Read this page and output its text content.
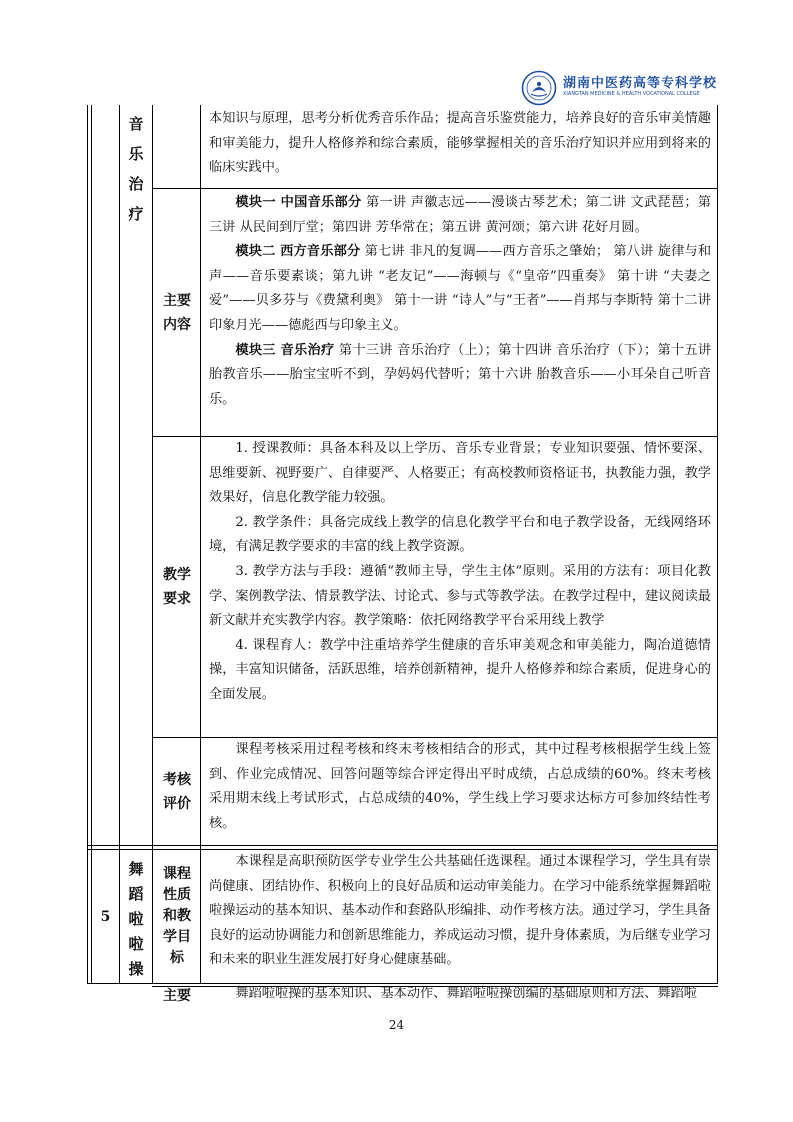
湖南中医药高等专科学校
XIANGTAN MEDICINE & HEALTH VOCATIONAL COLLEGE
音
乐
治
疗
本知识与原理，思考分析优秀音乐作品；提高音乐鉴赏能力，培养良好的音乐审美情趣和审美能力，提升人格修养和综合素质，能够掌握相关的音乐治疗知识并应用到将来的临床实践中。
主要
内容

模块一 中国音乐部分 第一讲 声徽志远——漫谈古琴艺术；第二讲 文武琵琶；第三讲 从民间到厅堂；第四讲 芳华常在；第五讲 黄河颂；第六讲 花好月圆。

模块二 西方音乐部分 第七讲 非凡的复调——西方音乐之肇始； 第八讲 旋律与和声——音乐要素谈；第九讲 “老友记”——海顿与《“皇帝”四重奏》 第十讲 “夫妻之爱”——贝多芬与《费黛利奥》 第十一讲 “诗人”与“王者”——肖邦与李斯特 第十二讲 印象月光——德彪西与印象主义。

模块三 音乐治疗 第十三讲 音乐治疗（上）；第十四讲 音乐治疗（下）；第十五讲 胎教音乐——胎宝宝听不到，孕妈妈代替听；第十六讲 胎教音乐——小耳朵自己听音乐。

教学
要求

1. 授课教师：具备本科及以上学历、音乐专业背景；专业知识要强、情怀要深、思维要新、视野要广、自律要严、人格要正；有高校教师资格证书，执教能力强，教学效果好，信息化教学能力较强。

2. 教学条件：具备完成线上教学的信息化教学平台和电子教学设备，无线网络环境，有满足教学要求的丰富的线上教学资源。

3. 教学方法与手段：遵循“教师主导，学生主体”原则。采用的方法有：项目化教学、案例教学法、情景教学法、讨论式、参与式等教学法。在教学过程中，建议阅读最新文献并充实教学内容。教学策略：依托网络教学平台采用线上教学

4. 课程育人：教学中注重培养学生健康的音乐审美观念和审美能力，陶冶道德情操，丰富知识储备，活跃思维，培养创新精神，提升人格修养和综合素质，促进身心的全面发展。

考核
评价

课程考核采用过程考核和终末考核相结合的形式，其中过程考核根据学生线上签到、作业完成情况、回答问题等综合评定得出平时成绩，占总成绩的60%。终末考核采用期末线上考试形式，占总成绩的40%，学生线上学习要求达标方可参加终结性考核。

5
舞
蹈
啦
啦
操
课程
性质
和教
学目
标

本课程是高职预防医学专业学生公共基础任选课程。通过本课程学习，学生具有崇尚健康、团结协作、积极向上的良好品质和运动审美能力。在学习中能系统掌握舞蹈啦啦操运动的基本知识、基本动作和套路队形编排、动作考核方法。通过学习，学生具备良好的运动协调能力和创新思维能力，养成运动习惯，提升身体素质，为后继专业学习和未来的职业生涯发展打好身心健康基础。

主要	舞蹈啦啦操的基本知识、基本动作、舞蹈啦啦操创编的基础原则和方法、舞蹈啦

24
